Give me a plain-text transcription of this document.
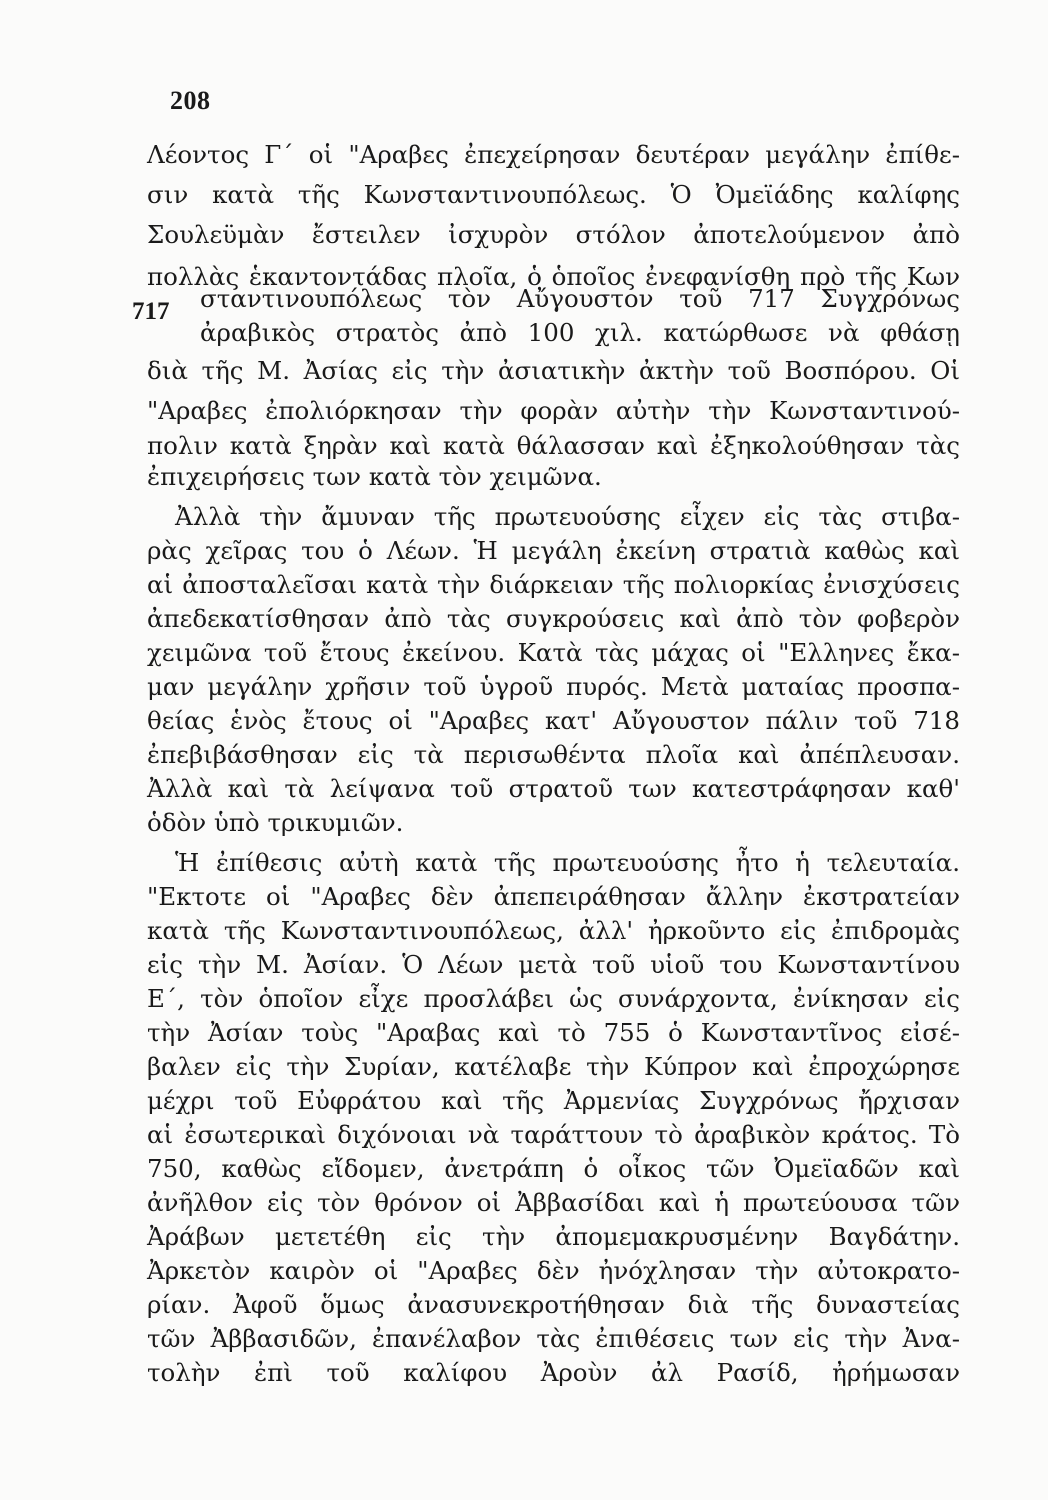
208
717
Λέοντος Γ΄ οἱ "Αραβες ἐπεχείρησαν δευτέραν μεγάλην ἐπίθε-
σιν κατὰ τῆς Κωνσταντινουπόλεως. Ὁ Ὀμεϊάδης καλίφης
Σουλεϋμὰν ἔστειλεν ἰσχυρὸν στόλον ἀποτελούμενον ἀπὸ
πολλὰς ἑκαντοντάδας πλοῖα, ὁ ὁποῖος ἐνεφανίσθη πρὸ τῆς Κων
σταντινουπόλεως τὸν Αὔγουστον τοῦ 717 Συγχρόνως
ἀραβικὸς στρατὸς ἀπὸ 100 χιλ. κατώρθωσε νὰ φθάσῃ
διὰ τῆς Μ. Ἀσίας εἰς τὴν ἀσιατικὴν ἀκτὴν τοῦ Βοσπόρου. Οἱ
"Αραβες ἐπολιόρκησαν τὴν φορὰν αὐτὴν τὴν Κωνσταντινού-
πολιν κατὰ ξηρὰν καὶ κατὰ θάλασσαν καὶ ἐξηκολούθησαν τὰς
ἐπιχειρήσεις των κατὰ τὸν χειμῶνα.
Ἀλλὰ τὴν ἄμυναν τῆς πρωτευούσης εἶχεν εἰς τὰς στιβα-
ρὰς χεῖρας του ὁ Λέων. Ἡ μεγάλη ἐκείνη στρατιὰ καθὼς καὶ
αἱ ἀποσταλεῖσαι κατὰ τὴν διάρκειαν τῆς πολιορκίας ἐνισχύσεις
ἀπεδεκατίσθησαν ἀπὸ τὰς συγκρούσεις καὶ ἀπὸ τὸν φοβερὸν
χειμῶνα τοῦ ἔτους ἐκείνου. Κατὰ τὰς μάχας οἱ "Ελληνες ἔκα-
μαν μεγάλην χρῆσιν τοῦ ὑγροῦ πυρός. Μετὰ ματαίας προσπα-
θείας ἑνὸς ἔτους οἱ "Αραβες κατ' Αὔγουστον πάλιν τοῦ 718
ἐπεβιβάσθησαν εἰς τὰ περισωθέντα πλοῖα καὶ ἀπέπλευσαν.
Ἀλλὰ καὶ τὰ λείψανα τοῦ στρατοῦ των κατεστράφησαν καθ'
ὁδὸν ὑπὸ τρικυμιῶν.
Ἡ ἐπίθεσις αὐτὴ κατὰ τῆς πρωτευούσης ἦτο ἡ τελευταία.
"Εκτοτε οἱ "Αραβες δὲν ἀπεπειράθησαν ἄλλην ἐκστρατείαν
κατὰ τῆς Κωνσταντινουπόλεως, ἀλλ' ἠρκοῦντο εἰς ἐπιδρομὰς
εἰς τὴν Μ. Ἀσίαν. Ὁ Λέων μετὰ τοῦ υἱοῦ του Κωνσταντίνου
Ε΄, τὸν ὁποῖον εἶχε προσλάβει ὡς συνάρχοντα, ἐνίκησαν εἰς
τὴν Ἀσίαν τοὺς "Αραβας καὶ τὸ 755 ὁ Κωνσταντῖνος εἰσέ-
βαλεν εἰς τὴν Συρίαν, κατέλαβε τὴν Κύπρον καὶ ἐπροχώρησε
μέχρι τοῦ Εὐφράτου καὶ τῆς Ἀρμενίας Συγχρόνως ἤρχισαν
αἱ ἐσωτερικαὶ διχόνοιαι νὰ ταράττουν τὸ ἀραβικὸν κράτος. Τὸ
750, καθὼς εἴδομεν, ἀνετράπη ὁ οἶκος τῶν Ὀμεϊαδῶν καὶ
ἀνῆλθον εἰς τὸν θρόνον οἱ Ἀββασίδαι καὶ ἡ πρωτεύουσα τῶν
Ἀράβων μετετέθη εἰς τὴν ἀπομεμακρυσμένην Βαγδάτην.
Ἀρκετὸν καιρὸν οἱ "Αραβες δὲν ἠνόχλησαν τὴν αὐτοκρατο-
ρίαν. Ἀφοῦ ὅμως ἀνασυνεκροτήθησαν διὰ τῆς δυναστείας
τῶν Ἀββασιδῶν, ἐπανέλαβον τὰς ἐπιθέσεις των εἰς τὴν Ἀνα-
τολὴν ἐπὶ τοῦ καλίφου Ἀροὺν ἀλ Ρασίδ, ἠρήμωσαν
